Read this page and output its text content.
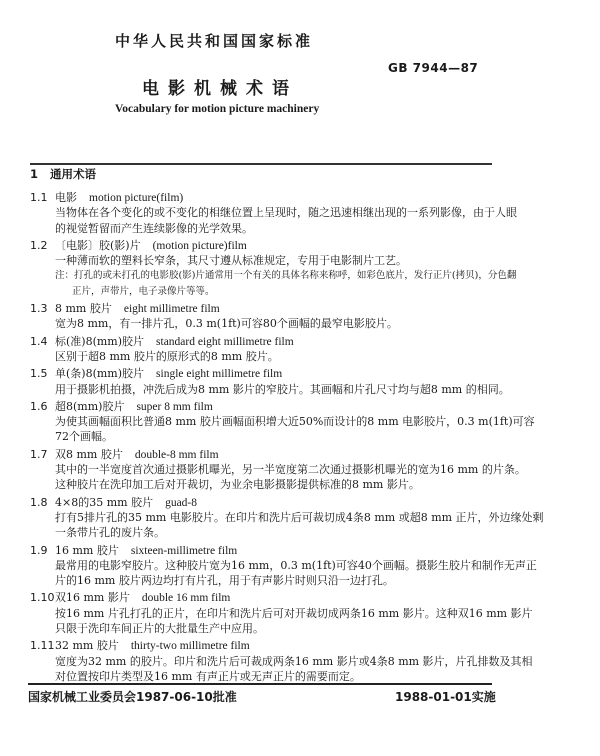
中华人民共和国国家标准
GB 7944—87
电影机械术语
Vocabulary for motion picture machinery
1 通用术语
1.1 电影 motion picture(film)
当物体在各个变化的或不变化的相继位置上呈现时，随之迅速相继出现的一系列影像，由于人眼
的视觉暂留而产生连续影像的光学效果。
1.2 〔电影〕胶(影)片 (motion picture)film
一种薄而软的塑料长窄条，其尺寸遵从标准规定，专用于电影制片工艺。
注：打孔的或未打孔的电影胶(影)片通常用一个有关的具体名称来称呼，如彩色底片，发行正片(拷贝)，分色翻
正片，声带片，电子录像片等等。
1.3 8 mm 胶片 eight millimetre film
宽为8 mm，有一排片孔，0.3 m(1ft)可容80个画幅的最窄电影胶片。
1.4 标(准)8(mm)胶片 standard eight millimetre film
区别于超8 mm 胶片的原形式的8 mm 胶片。
1.5 单(条)8(mm)胶片 single eight millimetre film
用于摄影机拍摄，冲洗后成为8 mm 影片的窄胶片。其画幅和片孔尺寸均与超8 mm 的相同。
1.6 超8(mm)胶片 super 8 mm film
为使其画幅面积比普通8 mm 胶片画幅面积增大近50%而设计的8 mm 电影胶片，0.3 m(1ft)可容
72个画幅。
1.7 双8 mm 胶片 double-8 mm film
其中的一半宽度首次通过摄影机曝光，另一半宽度第二次通过摄影机曝光的宽为16 mm 的片条。
这种胶片在洗印加工后对开裁切，为业余电影摄影提供标准的8 mm 影片。
1.8 4×8的35 mm 胶片 guad-8
打有5排片孔的35 mm 电影胶片。在印片和洗片后可裁切成4条8 mm 或超8 mm 正片，外边缘处剩
一条带片孔的废片条。
1.9 16 mm 胶片 sixteen-millimetre film
最常用的电影窄胶片。这种胶片宽为16 mm，0.3 m(1ft)可容40个画幅。摄影生胶片和制作无声正
片的16 mm 胶片两边均打有片孔，用于有声影片时则只沿一边打孔。
1.10双16 mm 影片 double 16 mm film
按16 mm 片孔打孔的正片，在印片和洗片后可对开裁切成两条16 mm 影片。这种双16 mm 影片
只限于洗印车间正片的大批量生产中应用。
1.1132 mm 胶片 thirty-two millimetre film
宽度为32 mm 的胶片。印片和洗片后可裁成两条16 mm 影片或4条8 mm 影片，片孔排数及其相
对位置按印片类型及16 mm 有声正片或无声正片的需要而定。
国家机械工业委员会1987-06-10批准	1988-01-01实施
